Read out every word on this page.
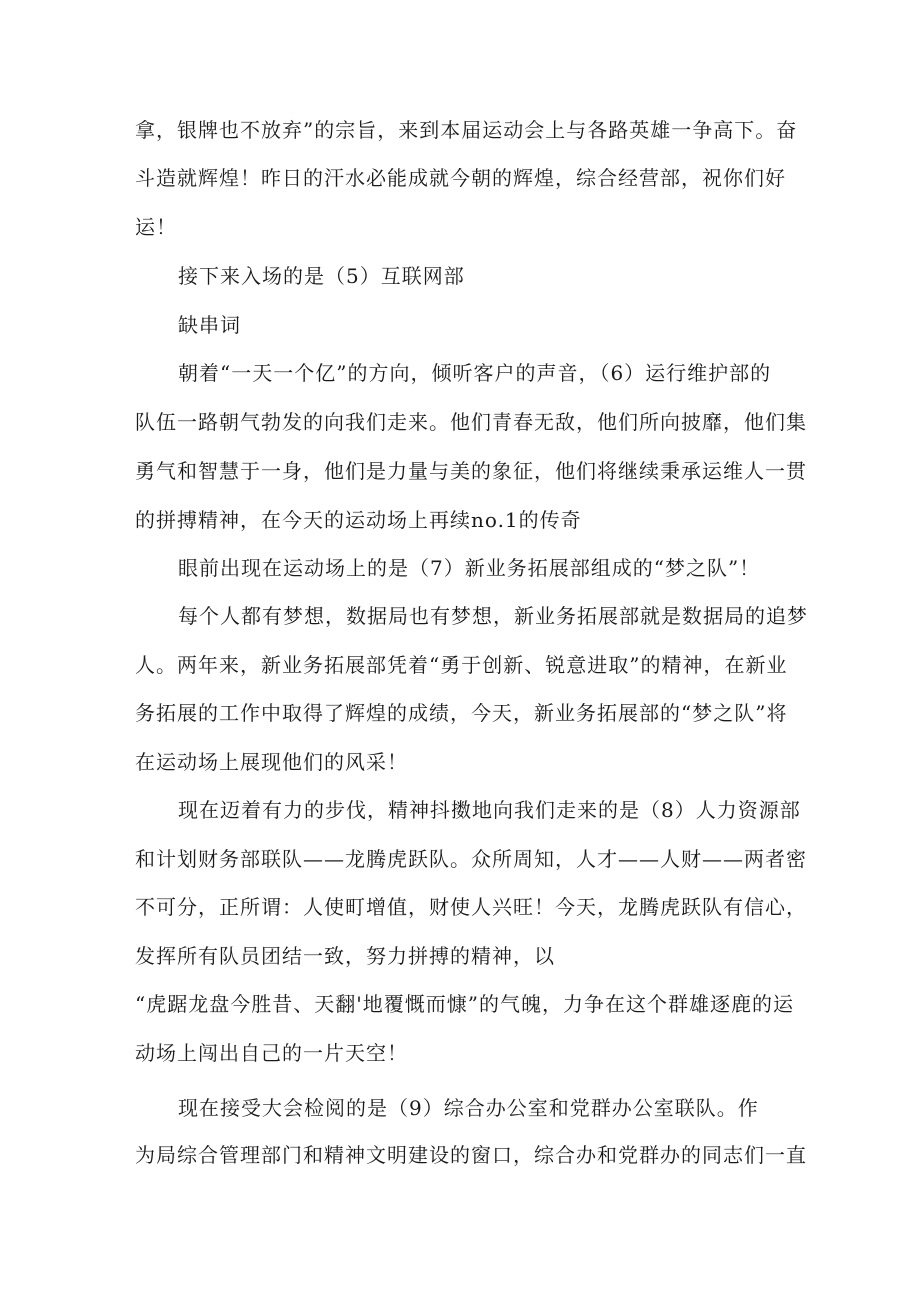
拿，银牌也不放弃”的宗旨，来到本届运动会上与各路英雄一争高下。奋
斗造就辉煌！昨日的汗水必能成就今朝的辉煌，综合经营部，祝你们好
运！
接下来入场的是（5）互联网部
缺串词
朝着“一天一个亿”的方向，倾听客户的声音，（6）运行维护部的
队伍一路朝气勃发的向我们走来。他们青春无敌，他们所向披靡，他们集
勇气和智慧于一身，他们是力量与美的象征，他们将继续秉承运维人一贯
的拼搏精神，在今天的运动场上再续no.1的传奇
眼前出现在运动场上的是（7）新业务拓展部组成的“梦之队”！
每个人都有梦想，数据局也有梦想，新业务拓展部就是数据局的追梦
人。两年来，新业务拓展部凭着“勇于创新、锐意进取”的精神，在新业
务拓展的工作中取得了辉煌的成绩，今天，新业务拓展部的“梦之队”将
在运动场上展现他们的风采！
现在迈着有力的步伐，精神抖擞地向我们走来的是（8）人力资源部
和计划财务部联队——龙腾虎跃队。众所周知，人才——人财——两者密
不可分，正所谓：人使町增值，财使人兴旺！今天，龙腾虎跃队有信心，
发挥所有队员团结一致，努力拼搏的精神，以
“虎踞龙盘今胜昔、天翻'地覆慨而慷”的气魄，力争在这个群雄逐鹿的运
动场上闯出自己的一片天空！
现在接受大会检阅的是（9）综合办公室和党群办公室联队。作
为局综合管理部门和精神文明建设的窗口，综合办和党群办的同志们一直
